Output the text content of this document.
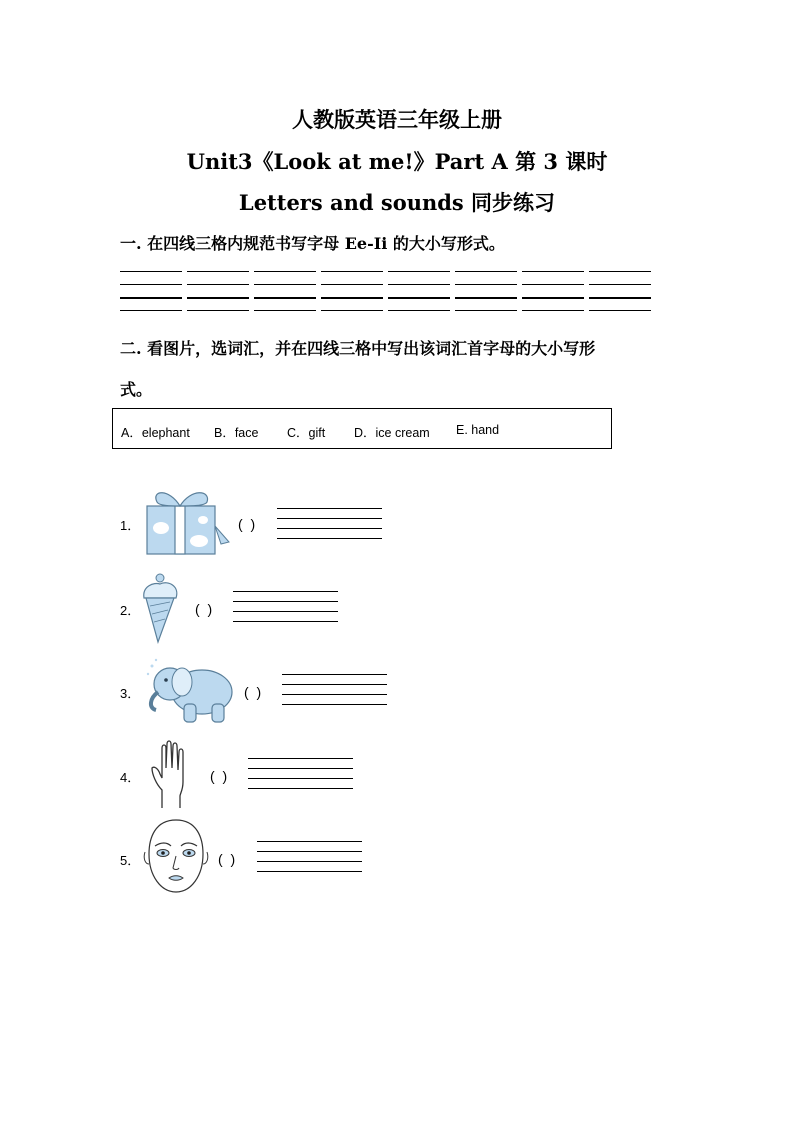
人教版英语三年级上册
Unit3《Look at me!》Part A 第 3 课时
Letters and sounds 同步练习
一. 在四线三格内规范书写字母 Ee-Ii 的大小写形式。
二. 看图片，选词汇，并在四线三格中写出该词汇首字母的大小写形
式。
A．elephant B．face C．gift D．ice cream E. hand
1．	( )
2．	( )
3．	( )
4．	( )
5．	( )
